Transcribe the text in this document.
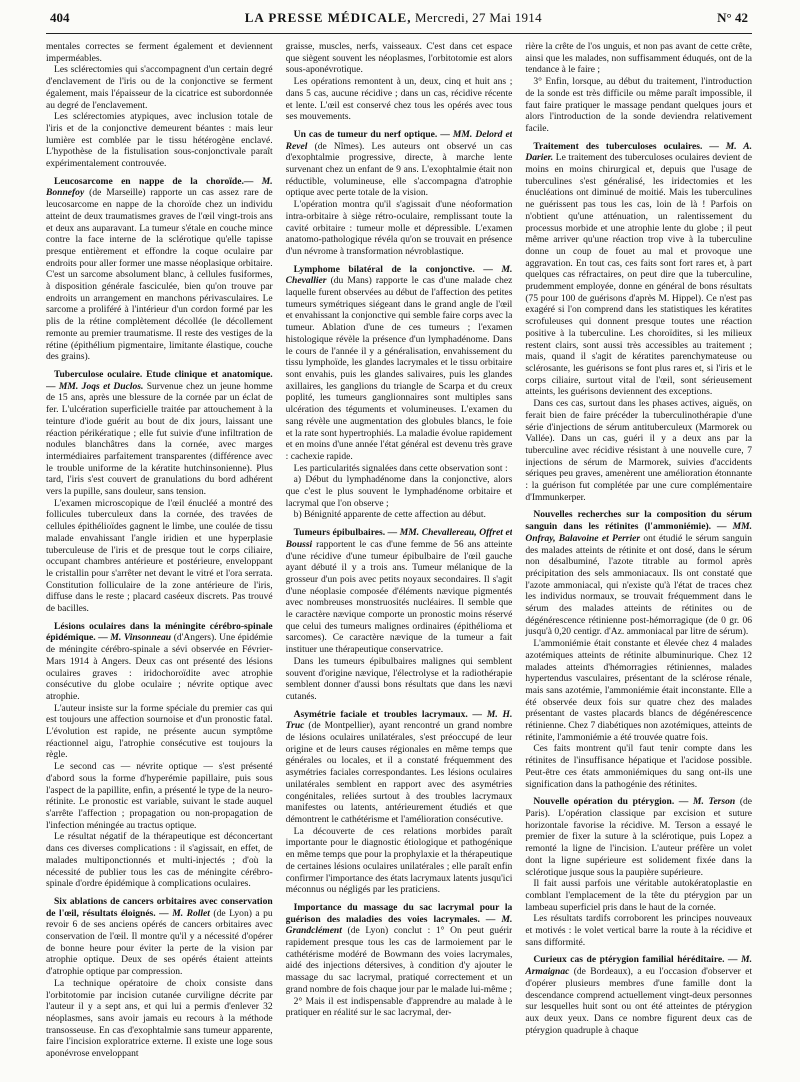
404	LA PRESSE MÉDICALE, Mercredi, 27 Mai 1914	N° 42

mentales correctes se ferment également et deviennent imperméables.

Les sclérectomies qui s'accompagnent d'un certain degré d'enclavement de l'iris ou de la conjonctive se ferment également, mais l'épaisseur de la cicatrice est subordonnée au degré de l'enclavement.

Les sclérectomies atypiques, avec inclusion totale de l'iris et de la conjonctive demeurent béantes : mais leur lumière est comblée par le tissu hétérogène enclavé. L'hypothèse de la fistulisation sous-conjonctivale paraît expérimentalement controuvée.

Leucosarcome en nappe de la choroïde.— M. Bonnefoy (de Marseille) rapporte un cas assez rare de leucosarcome en nappe de la choroïde chez un individu atteint de deux traumatismes graves de l'œil vingt-trois ans et deux ans auparavant. La tumeur s'étale en couche mince contre la face interne de la sclérotique qu'elle tapisse presque entièrement et effondre la coque oculaire par endroits pour aller former une masse néoplasique orbitaire. C'est un sarcome absolument blanc, à cellules fusiformes, à disposition générale fasciculée, bien qu'on trouve par endroits un arrangement en manchons périvasculaires. Le sarcome a proliféré à l'intérieur d'un cordon formé par les plis de la rétine complètement décollée (le décollement remonte au premier traumatisme. Il reste des vestiges de la rétine (épithélium pigmentaire, limitante élastique, couche des grains).

Tuberculose oculaire. Etude clinique et anatomique. — MM. Joqs et Duclos. Survenue chez un jeune homme de 15 ans, après une blessure de la cornée par un éclat de fer. L'ulcération superficielle traitée par attouchement à la teinture d'iode guérit au bout de dix jours, laissant une réaction périkératique ; elle fut suivie d'une infiltration de nodules blanchâtres dans la cornée, avec marges intermédiaires parfaitement transparentes (différence avec le trouble uniforme de la kératite hutchinsonienne). Plus tard, l'iris s'est couvert de granulations du bord adhérent vers la pupille, sans douleur, sans tension.

L'examen microscopique de l'œil énucléé a montré des follicules tuberculeux dans la cornée, des travées de cellules épithélioïdes gagnent le limbe, une coulée de tissu malade envahissant l'angle iridien et une hyperplasie tuberculeuse de l'iris et de presque tout le corps ciliaire, occupant chambres antérieure et postérieure, enveloppant le cristallin pour s'arrêter net devant le vitré et l'ora serrata. Constitution folliculaire de la zone antérieure de l'iris, diffuse dans le reste ; placard caséeux discrets. Pas trouvé de bacilles.

Lésions oculaires dans la méningite cérébro-spinale épidémique. — M. Vinsonneau (d'Angers). Une épidémie de méningite cérébro-spinale a sévi observée en Février-Mars 1914 à Angers. Deux cas ont présenté des lésions oculaires graves : iridochoroïdite avec atrophie consécutive du globe oculaire ; névrite optique avec atrophie.

L'auteur insiste sur la forme spéciale du premier cas qui est toujours une affection sournoise et d'un pronostic fatal. L'évolution est rapide, ne présente aucun symptôme réactionnel aigu, l'atrophie consécutive est toujours la règle.

Le second cas — névrite optique — s'est présenté d'abord sous la forme d'hyperémie papillaire, puis sous l'aspect de la papillite, enfin, a présenté le type de la neuro-rétinite. Le pronostic est variable, suivant le stade auquel s'arrête l'affection ; propagation ou non-propagation de l'infection méningée au tractus optique.

Le résultat négatif de la thérapeutique est déconcertant dans ces diverses complications : il s'agissait, en effet, de malades multiponctionnés et multi-injectés ; d'où la nécessité de publier tous les cas de méningite cérébro-spinale d'ordre épidémique à complications oculaires.

Six ablations de cancers orbitaires avec conservation de l'œil, résultats éloignés. — M. Rollet (de Lyon) a pu revoir 6 de ses anciens opérés de cancers orbitaires avec conservation de l'œil. Il montre qu'il y a nécessité d'opérer de bonne heure pour éviter la perte de la vision par atrophie optique. Deux de ses opérés étaient atteints d'atrophie optique par compression.

La technique opératoire de choix consiste dans l'orbitotomie par incision cutanée curviligne décrite par l'auteur il y a sept ans, et qui lui a permis d'enlever 32 néoplasmes, sans avoir jamais eu recours à la méthode transosseuse. En cas d'exophtalmie sans tumeur apparente, faire l'incision exploratrice externe. Il existe une loge sous aponévrose enveloppant

graisse, muscles, nerfs, vaisseaux. C'est dans cet espace que siègent souvent les néoplasmes, l'orbitotomie est alors sous-aponévrotique.

Les opérations remontent à un, deux, cinq et huit ans ; dans 5 cas, aucune récidive ; dans un cas, récidive récente et lente. L'œil est conservé chez tous les opérés avec tous ses mouvements.

Un cas de tumeur du nerf optique. — MM. Delord et Revel (de Nîmes). Les auteurs ont observé un cas d'exophtalmie progressive, directe, à marche lente survenant chez un enfant de 9 ans. L'exophtalmie était non réductible, volumineuse, elle s'accompagna d'atrophie optique avec perte totale de la vision.

L'opération montra qu'il s'agissait d'une néoformation intra-orbitaire à siège rétro-oculaire, remplissant toute la cavité orbitaire : tumeur molle et dépressible. L'examen anatomo-pathologique révéla qu'on se trouvait en présence d'un névrome à transformation névroblastique.

Lymphome bilatéral de la conjonctive. — M. Chevallier (du Mans) rapporte le cas d'une malade chez laquelle furent observées au début de l'affection des petites tumeurs symétriques siégeant dans le grand angle de l'œil et envahissant la conjonctive qui semble faire corps avec la tumeur. Ablation d'une de ces tumeurs ; l'examen histologique révèle la présence d'un lymphadénome. Dans le cours de l'année il y a généralisation, envahissement du tissu lymphoïde, les glandes lacrymales et le tissu orbitaire sont envahis, puis les glandes salivaires, puis les glandes axillaires, les ganglions du triangle de Scarpa et du creux poplité, les tumeurs ganglionnaires sont multiples sans ulcération des téguments et volumineuses. L'examen du sang révèle une augmentation des globules blancs, le foie et la rate sont hypertrophiés. La maladie évolue rapidement et en moins d'une année l'état général est devenu très grave : cachexie rapide.

Les particularités signalées dans cette observation sont :

a) Début du lymphadénome dans la conjonctive, alors que c'est le plus souvent le lymphadénome orbitaire et lacrymal que l'on observe ;

b) Bénignité apparente de cette affection au début.

Tumeurs épibulbaires. — MM. Chevallereau, Offret et Boussi rapportent le cas d'une femme de 56 ans atteinte d'une récidive d'une tumeur épibulbaire de l'œil gauche ayant débuté il y a trois ans. Tumeur mélanique de la grosseur d'un pois avec petits noyaux secondaires. Il s'agit d'une néoplasie composée d'éléments nævique pigmentés avec nombreuses monstruosités nucléaires. Il semble que le caractère nævique comporte un pronostic moins réservé que celui des tumeurs malignes ordinaires (épithélioma et sarcomes). Ce caractère nævique de la tumeur a fait instituer une thérapeutique conservatrice.

Dans les tumeurs épibulbaires malignes qui semblent souvent d'origine nævique, l'électrolyse et la radiothérapie semblent donner d'aussi bons résultats que dans les nævi cutanés.

Asymétrie faciale et troubles lacrymaux. — M. H. Truc (de Montpellier), ayant rencontré un grand nombre de lésions oculaires unilatérales, s'est préoccupé de leur origine et de leurs causes régionales en même temps que générales ou locales, et il a constaté fréquemment des asymétries faciales correspondantes. Les lésions oculaires unilatérales semblent en rapport avec des asymétries congénitales, reliées surtout à des troubles lacrymaux manifestes ou latents, antérieurement étudiés et que démontrent le cathétérisme et l'amélioration consécutive.

La découverte de ces relations morbides paraît importante pour le diagnostic étiologique et pathogénique en même temps que pour la prophylaxie et la thérapeutique de certaines lésions oculaires unilatérales ; elle paraît enfin confirmer l'importance des états lacrymaux latents jusqu'ici méconnus ou négligés par les praticiens.

Importance du massage du sac lacrymal pour la guérison des maladies des voies lacrymales. — M. Grandclément (de Lyon) conclut : 1° On peut guérir rapidement presque tous les cas de larmoiement par le cathétérisme modéré de Bowmann des voies lacrymales, aidé des injections détersives, à condition d'y ajouter le massage du sac lacrymal, pratiqué correctement et un grand nombre de fois chaque jour par le malade lui-même ;

2° Mais il est indispensable d'apprendre au malade à le pratiquer en réalité sur le sac lacrymal, der-

rière la crête de l'os unguis, et non pas avant de cette crête, ainsi que les malades, non suffisamment éduqués, ont de la tendance à le faire ;

3° Enfin, lorsque, au début du traitement, l'introduction de la sonde est très difficile ou même paraît impossible, il faut faire pratiquer le massage pendant quelques jours et alors l'introduction de la sonde deviendra relativement facile.

Traitement des tuberculoses oculaires. — M. A. Darier. Le traitement des tuberculoses oculaires devient de moins en moins chirurgical et, depuis que l'usage de tuberculines s'est généralisé, les iridectomies et les énucléations ont diminué de moitié. Mais les tuberculines ne guérissent pas tous les cas, loin de là ! Parfois on n'obtient qu'une atténuation, un ralentissement du processus morbide et une atrophie lente du globe ; il peut même arriver qu'une réaction trop vive à la tuberculine donne un coup de fouet au mal et provoque une aggravation. En tout cas, ces faits sont fort rares et, à part quelques cas réfractaires, on peut dire que la tuberculine, prudemment employée, donne en général de bons résultats (75 pour 100 de guérisons d'après M. Hippel). Ce n'est pas exagéré si l'on comprend dans les statistiques les kératites scrofuleuses qui donnent presque toutes une réaction positive à la tuberculine. Les choroïdites, si les milieux restent clairs, sont aussi très accessibles au traitement ; mais, quand il s'agit de kératites parenchymateuse ou sclérosante, les guérisons se font plus rares et, si l'iris et le corps ciliaire, surtout vital de l'œil, sont sérieusement atteints, les guérisons deviennent des exceptions.

Dans ces cas, surtout dans les phases actives, aiguës, on ferait bien de faire précéder la tuberculinothérapie d'une série d'injections de sérum antituberculeux (Marmorek ou Vallée). Dans un cas, guéri il y a deux ans par la tuberculine avec récidive résistant à une nouvelle cure, 7 injections de sérum de Marmorek, suivies d'accidents sériques peu graves, amenèrent une amélioration étonnante : la guérison fut complétée par une cure complémentaire d'Immunkerper.

Nouvelles recherches sur la composition du sérum sanguin dans les rétinites (l'ammoniémie). — MM. Onfray, Balavoine et Perrier ont étudié le sérum sanguin des malades atteints de rétinite et ont dosé, dans le sérum non désalbuminé, l'azote titrable au formol après précipitation des sels ammoniacaux. Ils ont constaté que l'azote ammoniacal, qui n'existe qu'à l'état de traces chez les individus normaux, se trouvait fréquemment dans le sérum des malades atteints de rétinites ou de dégénérescence rétinienne post-hémorragique (de 0 gr. 06 jusqu'à 0,20 centigr. d'Az. ammoniacal par litre de sérum).

L'ammoniémie était constante et élevée chez 4 malades azotémiques atteints de rétinite albuminurique. Chez 12 malades atteints d'hémorragies rétiniennes, malades hypertendus vasculaires, présentant de la sclérose rénale, mais sans azotémie, l'ammoniémie était inconstante. Elle a été observée deux fois sur quatre chez des malades présentant de vastes placards blancs de dégénérescence rétinienne. Chez 7 diabétiques non azotémiques, atteints de rétinite, l'ammoniémie a été trouvée quatre fois.

Ces faits montrent qu'il faut tenir compte dans les rétinites de l'insuffisance hépatique et l'acidose possible. Peut-être ces états ammoniémiques du sang ont-ils une signification dans la pathogénie des rétinites.

Nouvelle opération du ptérygion. — M. Terson (de Paris). L'opération classique par excision et suture horizontale favorise la récidive. M. Terson a essayé le premier de fixer la suture à la sclérotique, puis Lopez a remonté la ligne de l'incision. L'auteur préfère un volet dont la ligne supérieure est solidement fixée dans la sclérotique jusque sous la paupière supérieure.

Il fait aussi parfois une véritable autokératoplastie en comblant l'emplacement de la tête du ptérygion par un lambeau superficiel pris dans le haut de la cornée.

Les résultats tardifs corroborent les principes nouveaux et motivés : le volet vertical barre la route à la récidive et sans difformité.

Curieux cas de ptérygion familial héréditaire. — M. Armaignac (de Bordeaux), a eu l'occasion d'observer et d'opérer plusieurs membres d'une famille dont la descendance comprend actuellement vingt-deux personnes sur lesquelles huit sont ou ont été atteintes de ptérygion aux deux yeux. Dans ce nombre figurent deux cas de ptérygion quadruple à chaque
